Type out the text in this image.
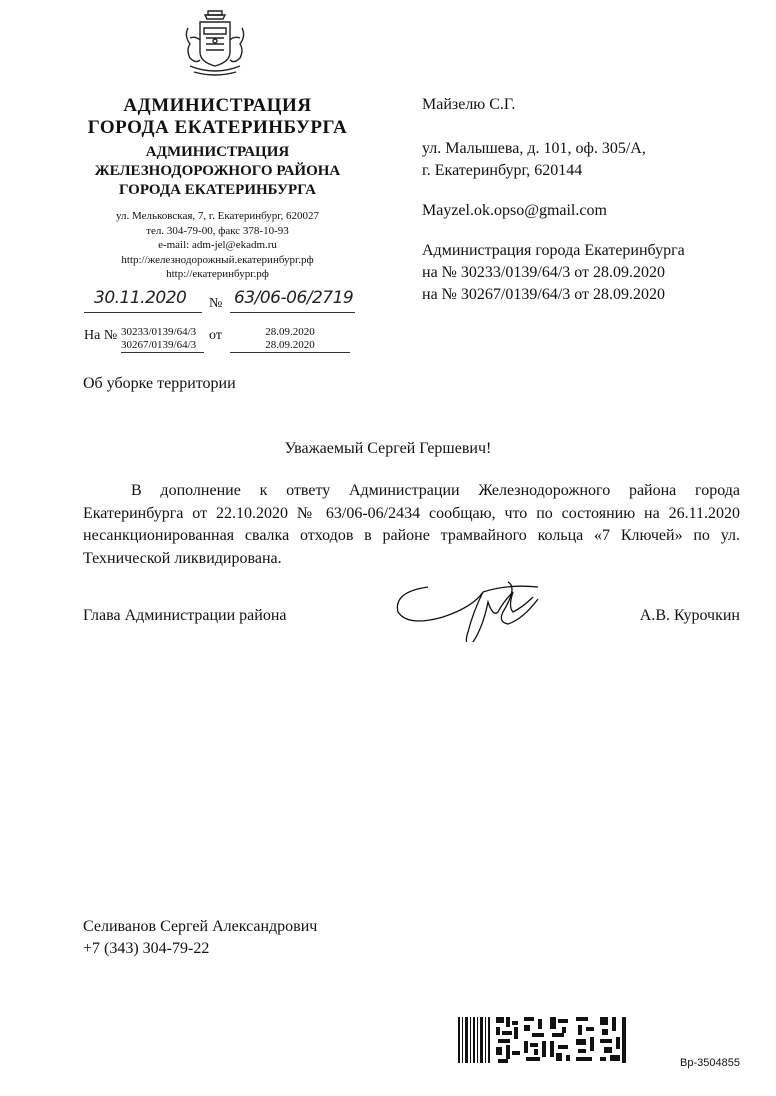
АДМИНИСТРАЦИЯ
ГОРОДА ЕКАТЕРИНБУРГА
АДМИНИСТРАЦИЯ
ЖЕЛЕЗНОДОРОЖНОГО РАЙОНА
ГОРОДА ЕКАТЕРИНБУРГА
ул. Мельковская, 7, г. Екатеринбург, 620027
тел. 304-79-00, факс 378-10-93
e-mail: adm-jel@ekadm.ru
http://железнодорожный.екатеринбург.рф
http://екатеринбург.рф
30.11.2020 № 63/06-06/2719
На № 30233/0139/64/3
30267/0139/64/3
от	28.09.2020
28.09.2020
Майзелю С.Г.
ул. Малышева, д. 101, оф. 305/А,
г. Екатеринбург, 620144
Mayzel.ok.opso@gmail.com
Администрация города Екатеринбурга
на № 30233/0139/64/3 от 28.09.2020
на № 30267/0139/64/3 от 28.09.2020
Об уборке территории
Уважаемый Сергей Гершевич!
В дополнение к ответу Администрации Железнодорожного района города Екатеринбурга от 22.10.2020 № 63/06-06/2434 сообщаю, что по состоянию на 26.11.2020 несанкционированная свалка отходов в районе трамвайного кольца «7 Ключей» по ул. Технической ликвидирована.
Глава Администрации района	А.В. Курочкин
Селиванов Сергей Александрович
+7 (343) 304-79-22
Вр-3504855
